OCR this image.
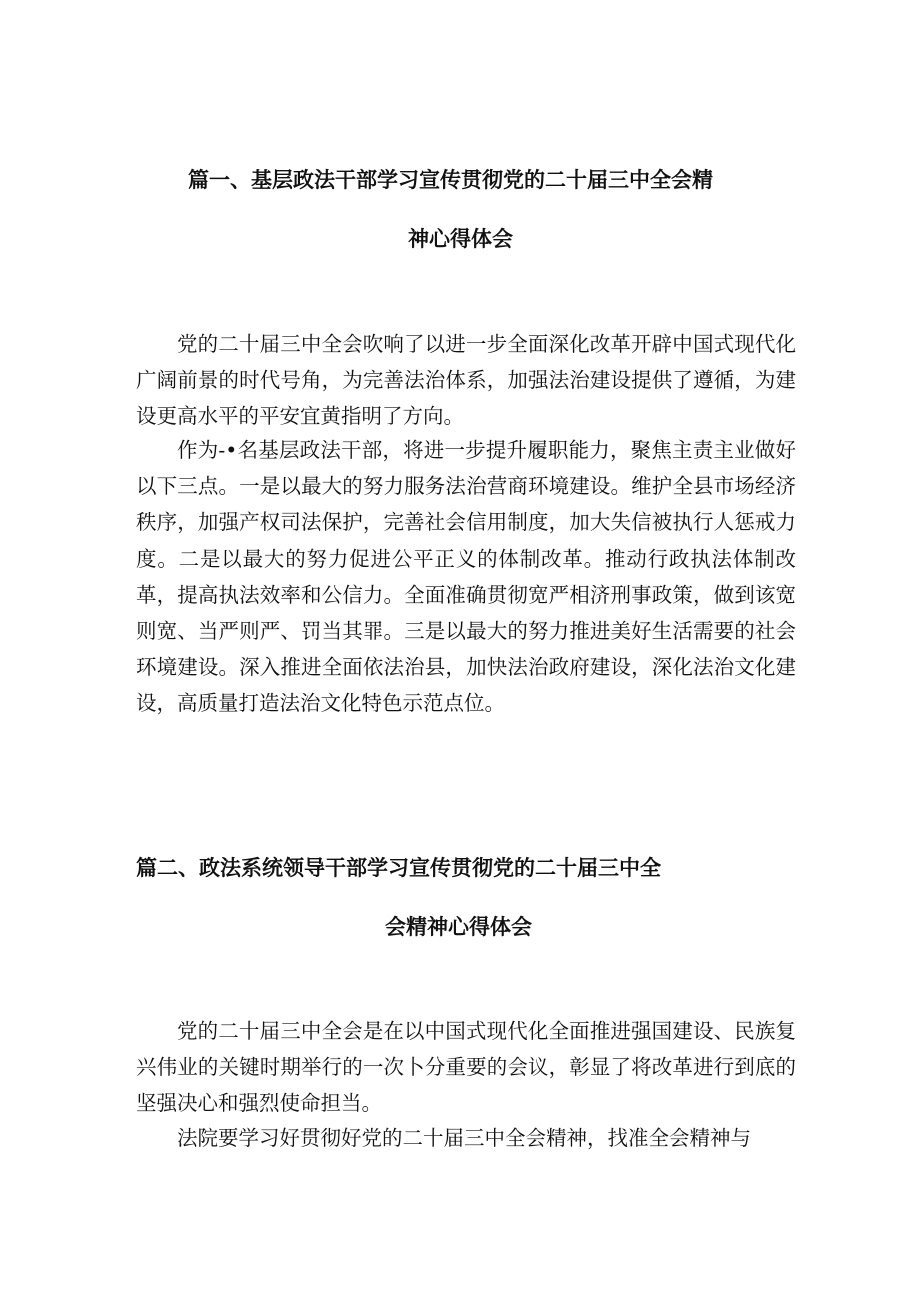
篇一、基层政法干部学习宣传贯彻党的二十届三中全会精
神心得体会

党的二十届三中全会吹响了以进一步全面深化改革开辟中国式现代化广阔前景的时代号角，为完善法治体系，加强法治建设提供了遵循，为建设更高水平的平安宜黄指明了方向。

作为-•名基层政法干部，将进一步提升履职能力，聚焦主责主业做好以下三点。一是以最大的努力服务法治营商环境建设。维护全县市场经济秩序，加强产权司法保护，完善社会信用制度，加大失信被执行人惩戒力度。二是以最大的努力促进公平正义的体制改革。推动行政执法体制改革，提高执法效率和公信力。全面准确贯彻宽严相济刑事政策，做到该宽则宽、当严则严、罚当其罪。三是以最大的努力推进美好生活需要的社会环境建设。深入推进全面依法治县，加快法治政府建设，深化法治文化建设，高质量打造法治文化特色示范点位。

篇二、政法系统领导干部学习宣传贯彻党的二十届三中全
会精神心得体会

党的二十届三中全会是在以中国式现代化全面推进强国建设、民族复兴伟业的关键时期举行的一次卜分重要的会议，彰显了将改革进行到底的坚强决心和强烈使命担当。

法院要学习好贯彻好党的二十届三中全会精神，找准全会精神与
